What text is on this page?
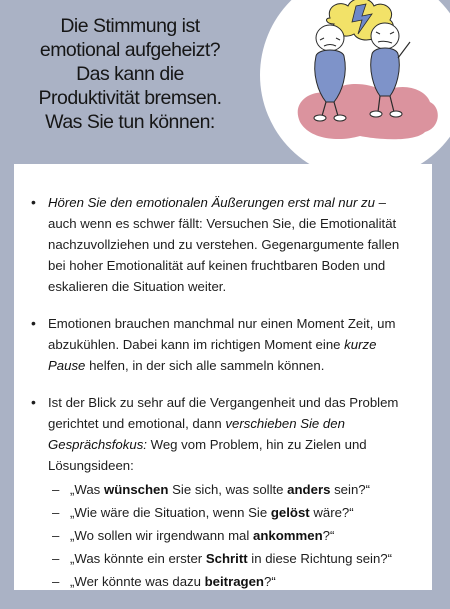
Die Stimmung ist
emotional aufgeheizt?
Das kann die
Produktivität bremsen.
Was Sie tun können:
• Hören Sie den emotionalen Äußerungen erst mal nur zu – auch wenn es schwer fällt: Versuchen Sie, die Emotionalität nachzuvollziehen und zu verstehen. Gegenargumente fallen bei hoher Emotionalität auf keinen fruchtbaren Boden und eskalieren die Situation weiter.
• Emotionen brauchen manchmal nur einen Moment Zeit, um abzukühlen. Dabei kann im richtigen Moment eine kurze Pause helfen, in der sich alle sammeln können.
• Ist der Blick zu sehr auf die Vergangenheit und das Problem gerichtet und emotional, dann verschieben Sie den Gesprächsfokus: Weg vom Problem, hin zu Zielen und Lösungsideen:
– „Was wünschen Sie sich, was sollte anders sein?“
– „Wie wäre die Situation, wenn Sie gelöst wäre?“
– „Wo sollen wir irgendwann mal ankommen?“
– „Was könnte ein erster Schritt in diese Richtung sein?“
– „Wer könnte was dazu beitragen?“
